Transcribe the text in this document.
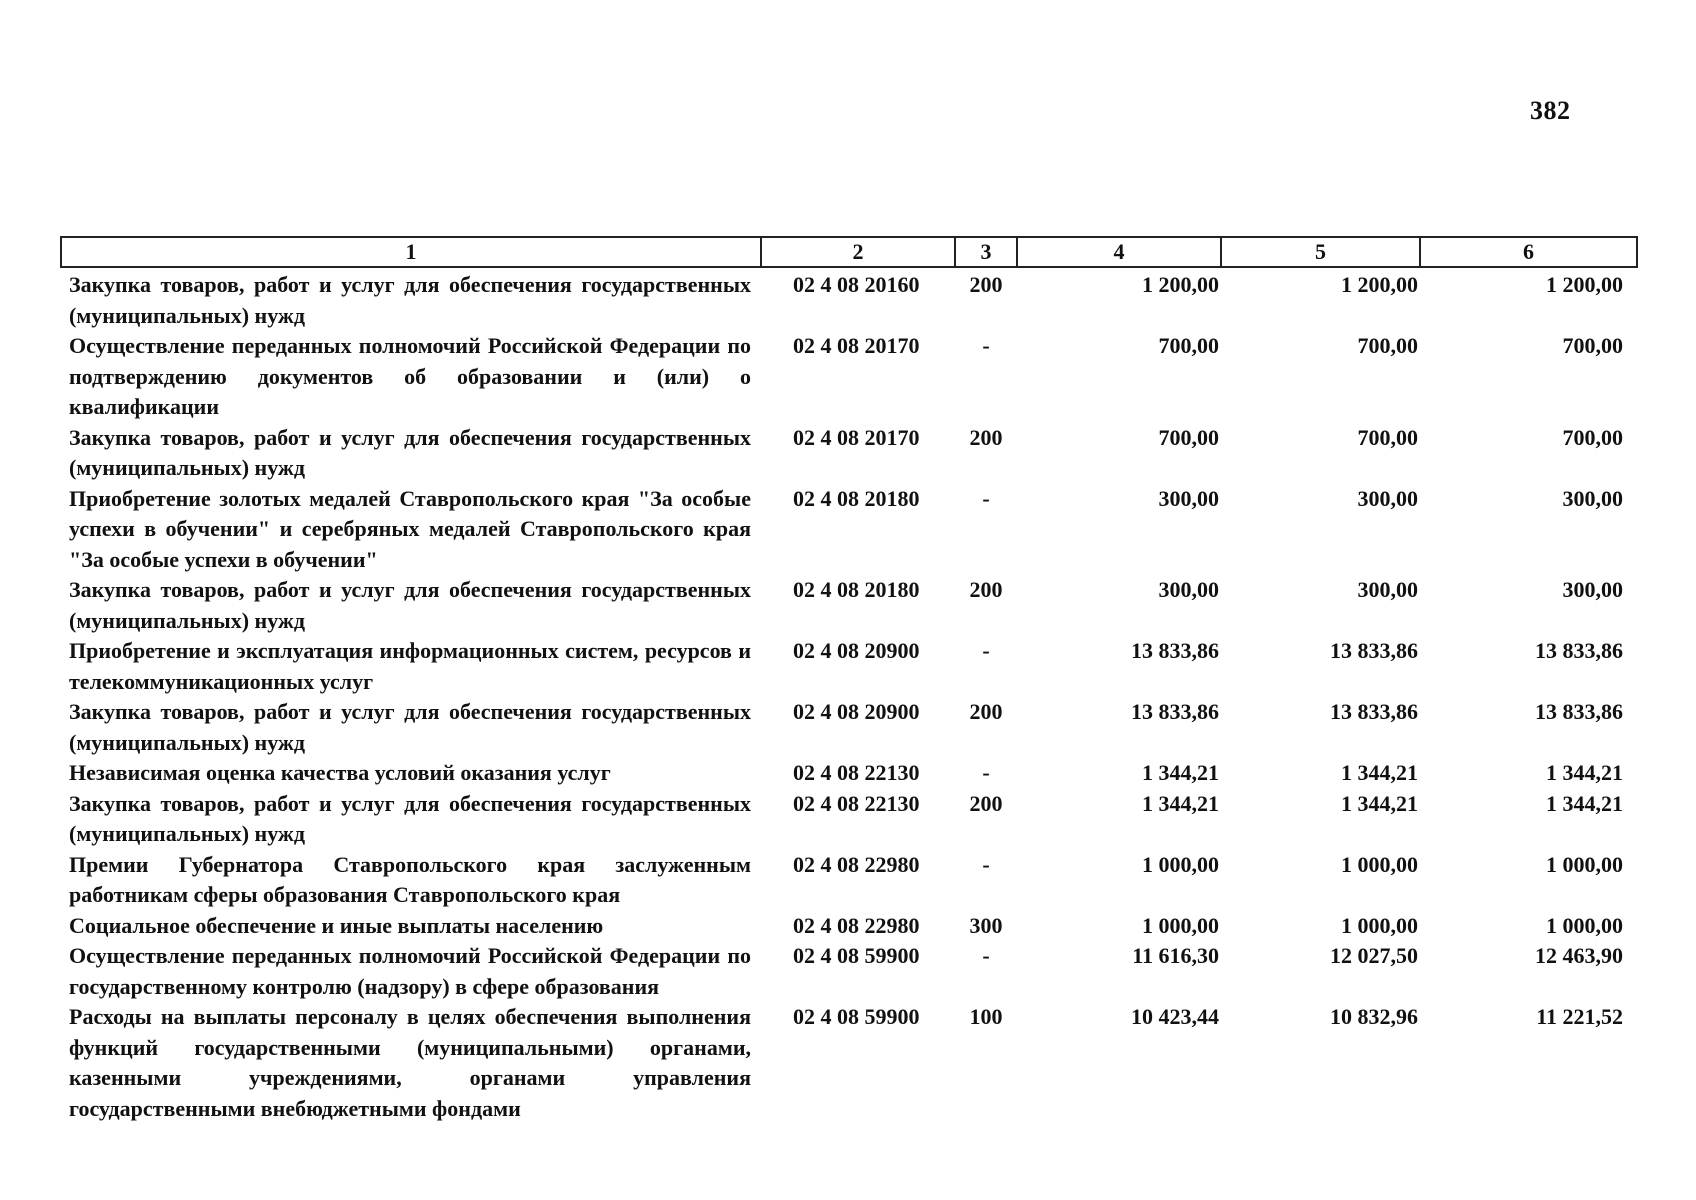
382
1	2	3	4	5	6
Закупка товаров, работ и услуг для обеспечения государственных (муниципальных) нужд	02 4 08 20160	200	1 200,00	1 200,00	1 200,00
Осуществление переданных полномочий Российской Федерации по подтверждению документов об образовании и (или) о квалификации	02 4 08 20170	-	700,00	700,00	700,00
Закупка товаров, работ и услуг для обеспечения государственных (муниципальных) нужд	02 4 08 20170	200	700,00	700,00	700,00
Приобретение золотых медалей Ставропольского края "За особые успехи в обучении" и серебряных медалей Ставропольского края "За особые успехи в обучении"	02 4 08 20180	-	300,00	300,00	300,00
Закупка товаров, работ и услуг для обеспечения государственных (муниципальных) нужд	02 4 08 20180	200	300,00	300,00	300,00
Приобретение и эксплуатация информационных систем, ресурсов и телекоммуникационных услуг	02 4 08 20900	-	13 833,86	13 833,86	13 833,86
Закупка товаров, работ и услуг для обеспечения государственных (муниципальных) нужд	02 4 08 20900	200	13 833,86	13 833,86	13 833,86
Независимая оценка качества условий оказания услуг	02 4 08 22130	-	1 344,21	1 344,21	1 344,21
Закупка товаров, работ и услуг для обеспечения государственных (муниципальных) нужд	02 4 08 22130	200	1 344,21	1 344,21	1 344,21
Премии Губернатора Ставропольского края заслуженным работникам сферы образования Ставропольского края	02 4 08 22980	-	1 000,00	1 000,00	1 000,00
Социальное обеспечение и иные выплаты населению	02 4 08 22980	300	1 000,00	1 000,00	1 000,00
Осуществление переданных полномочий Российской Федерации по государственному контролю (надзору) в сфере образования	02 4 08 59900	-	11 616,30	12 027,50	12 463,90
Расходы на выплаты персоналу в целях обеспечения выполнения функций государственными (муниципальными) органами, казенными учреждениями, органами управления государственными внебюджетными фондами	02 4 08 59900	100	10 423,44	10 832,96	11 221,52
